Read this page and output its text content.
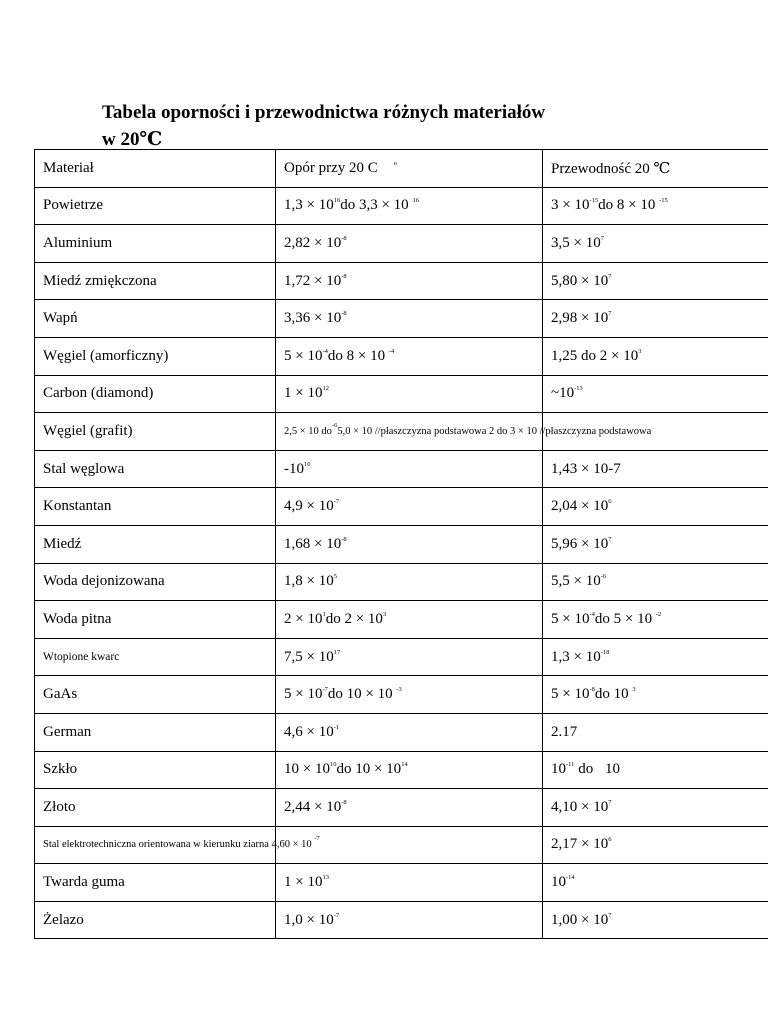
Tabela oporności i przewodnictwa różnych materiałów
w 20℃
Materiał	Opór przy 20 C $^o$	Przewodność 20 ℃
Powietrze	$1,3 \times 10^{16}do$ 3,3 × 10 $^{16}$	$3 \times 10^{-15}do$ 8 × 10 $^{-15}$
Aluminium	$2,82 \times 10^{-8}$	$3,5 \times 10^7$
Miedź zmiękczona	$1,72 \times 10^{-8}$	$5,80 \times 10^7$
Wapń	$3,36 \times 10^{-8}$	$2,98 \times 10^7$
Węgiel (amorficzny)	$5 \times 10^{-4}do$ 8 × 10 $^{-4}$	1,25 do $2 \times 10^3$
Carbon (diamond)	$1 \times 10^{12}$	$\sim 10^{-13}$
Węgiel (grafit)	2,5 × 10 $do^{-6}5,0 \times 10$ //płaszczyzna podstawowa 2 do 3 × 10 //płaszczyzna podstawowa	
Stal węglowa	$-10^{10}$	1,43 × 10-7
Konstantan	$4,9 \times 10^{-7}$	$2,04 \times 10^6$
Miedź	$1,68 \times 10^{-8}$	$5,96 \times 10^7$
Woda dejonizowana	$1,8 \times 10^5$	$5,5 \times 10^{-6}$
Woda pitna	$2 \times 10^1do$ $2 \times 10^3$	$5 \times 10^{-4}do$ 5 × 10 $^{-2}$
Wtopione kwarc	$7,5 \times 10^{17}$	$1,3 \times 10^{-18}$
GaAs	$5 \times 10^{-7}do$ 10 × 10 $^{-3}$	$5 \times 10^{-8}do$ 10 $^3$
German	$4,6 \times 10^{-1}$	2.17
Szkło	$10 \times 10^{10}do$ $10 \times 10^{14}$	$10^{-11}$ do 10
Złoto	$2,44 \times 10^{-8}$	$4,10 \times 10^7$
Stal elektrotechniczna orientowana w kierunku ziarna 4,60 × 10 $^{-7}$		$2,17 \times 10^6$
Twarda guma	$1 \times 10^{13}$	$10^{-14}$
Żelazo	$1,0 \times 10^{-7}$	$1,00 \times 10^7$
